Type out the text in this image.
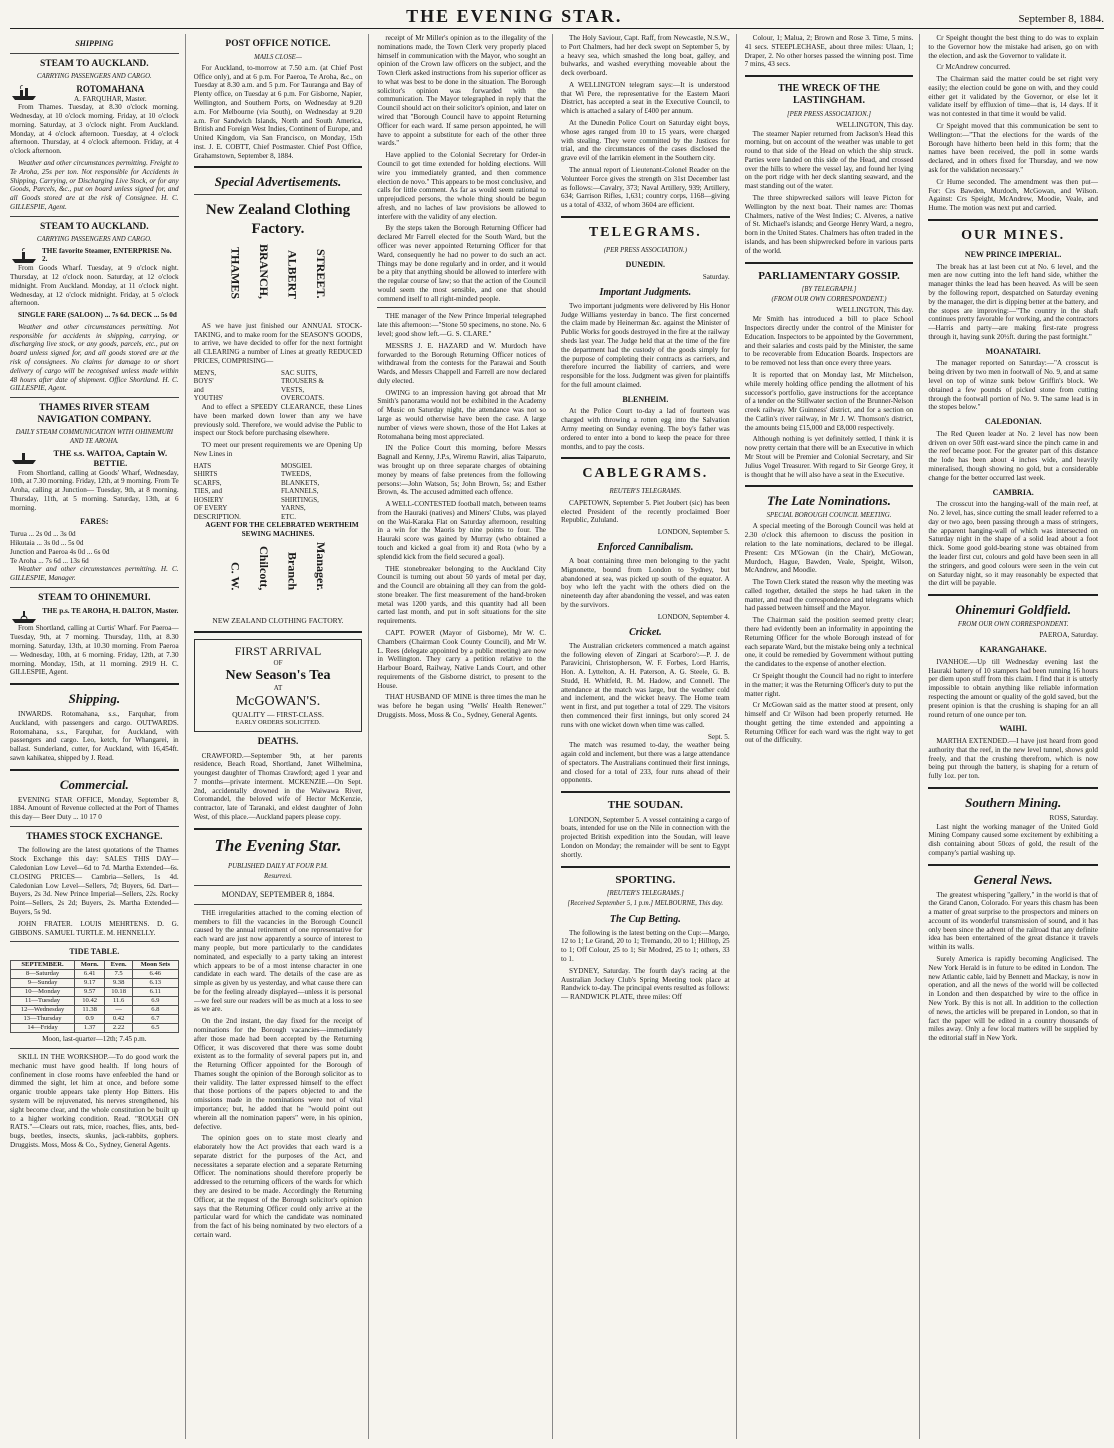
THE EVENING STAR.	September 8, 1884.
SHIPPING
STEAM TO AUCKLAND.
CARRYING PASSENGERS AND CARGO.
ROTOMAHANA
A. FARQUHAR, Master.

From Thames. Tuesday, at 8.30 o'clock morning. Wednesday, at 10 o'clock morning. Friday, at 10 o'clock morning. Saturday, at 3 o'clock night. From Auckland. Monday, at 4 o'clock afternoon. Tuesday, at 4 o'clock afternoon. Thursday, at 4 o'clock afternoon. Friday, at 4 o'clock afternoon.

Weather and other circumstances permitting. Freight to Te Aroha, 25s per ton. Not responsible for Accidents in Shipping, Carrying, or Discharging Live Stock, or for any Goods, Parcels, &c., put on board unless signed for, and all Goods stored are at the risk of Consignee. H. C. GILLESPIE, Agent.

STEAM TO AUCKLAND.
CARRYING PASSENGERS AND CARGO.
THE favorite Steamer, ENTERPRISE No. 2.

From Goods Wharf. Tuesday, at 9 o'clock night. Thursday, at 12 o'clock noon. Saturday, at 12 o'clock midnight. From Auckland. Monday, at 11 o'clock night. Wednesday, at 12 o'clock midnight. Friday, at 5 o'clock afternoon.

SINGLE FARE (SALOON) ... 7s 6d. DECK ... 5s 0d

Weather and other circumstances permitting. Not responsible for accidents in shipping, carrying, or discharging live stock, or any goods, parcels, etc., put on board unless signed for, and all goods stored are at the risk of consignees. No claims for damage to or short delivery of cargo will be recognised unless made within 48 hours after date of shipment. Office Shortland. H. C. GILLESPIE, Agent.

THAMES RIVER STEAM NAVIGATION COMPANY.
DAILY STEAM COMMUNICATION WITH OHINEMURI AND TE AROHA.
THE s.s. WAITOA, Captain W. BETTIE.

From Shortland, calling at Goods' Wharf, Wednesday, 10th, at 7.30 morning. Friday, 12th, at 9 morning. From Te Aroha, calling at Junction— Tuesday, 9th, at 8 morning. Thursday, 11th, at 5 morning. Saturday, 13th, at 6 morning.

FARES:
Turua ... 2s 0d ... 3s 0d
Hikutaia ... 3s 0d ... 5s 0d
Junction and Paeroa 4s 0d ... 6s 0d
Te Aroha ... 7s 6d ... 13s 6d

Weather and other circumstances permitting. H. C. GILLESPIE, Manager.

STEAM TO OHINEMURI.
THE p.s. TE AROHA, H. DALTON, Master.

From Shortland, calling at Curtis' Wharf. For Paeroa— Tuesday, 9th, at 7 morning. Thursday, 11th, at 8.30 morning. Saturday, 13th, at 10.30 morning. From Paeroa— Wednesday, 10th, at 6 morning. Friday, 12th, at 7.30 morning. Monday, 15th, at 11 morning. 2919 H. C. GILLESPIE, Agent.

Shipping.

INWARDS. Rotomahana, s.s., Farquhar, from Auckland, with passengers and cargo. OUTWARDS. Rotomahana, s.s., Farquhar, for Auckland, with passengers and cargo. Leo, ketch, for Whangarei, in ballast. Sunderland, cutter, for Auckland, with 16,454ft. sawn kahikatea, shipped by J. Read.

Commercial.

EVENING STAR OFFICE, Monday, September 8, 1884. Amount of Revenue collected at the Port of Thames this day— Beer Duty ... 10 17 0

THAMES STOCK EXCHANGE.

The following are the latest quotations of the Thames Stock Exchange this day: SALES THIS DAY— Caledonian Low Level—6d to 7d. Martha Extended—6s. CLOSING PRICES— Cambria—Sellers, 1s 4d. Caledonian Low Level—Sellers, 7d; Buyers, 6d. Dart—Buyers, 2s 3d. New Prince Imperial—Sellers, 22s. Rocky Point—Sellers, 2s 2d; Buyers, 2s. Martha Extended—Buyers, 5s 9d.

JOHN FRATER. LOUIS MEHRTENS. D. G. GIBBONS. SAMUEL TURTLE. M. HENNELLY.

TIDE TABLE.
SEPTEMBER.	Morn.	Even.	Moon Sets
8—Saturday	6.41	7.5	6.46
9—Sunday	9.17	9.38	6.13
10—Monday	9.57	10.18	6.11
11—Tuesday	10.42	11.6	6.9
12—Wednesday	11.38	—	6.8
13—Thursday	0.9	0.42	6.7
14—Friday	1.37	2.22	6.5
Moon, last-quarter—12th; 7.45 p.m.

SKILL IN THE WORKSHOP.—To do good work the mechanic must have good health. If long hours of confinement in close rooms have enfeebled the hand or dimmed the sight, let him at once, and before some organic trouble appears take plenty Hop Bitters. His system will be rejuvenated, his nerves strengthened, his sight become clear, and the whole constitution be built up to a higher working condition. Read. "ROUGH ON RATS."—Clears out rats, mice, roaches, flies, ants, bed-bugs, beetles, insects, skunks, jack-rabbits, gophers. Druggists. Moss, Moss & Co., Sydney, General Agents.

POST OFFICE NOTICE.
MAILS CLOSE—

For Auckland, to-morrow at 7.50 a.m. (at Chief Post Office only), and at 6 p.m. For Paeroa, Te Aroha, &c., on Tuesday at 8.30 a.m. and 5 p.m. For Tauranga and Bay of Plenty office, on Tuesday at 6 p.m. For Gisborne, Napier, Wellington, and Southern Ports, on Wednesday at 9.20 a.m. For Melbourne (via South), on Wednesday at 9.20 a.m. For Sandwich Islands, North and South America, British and Foreign West Indies, Continent of Europe, and United Kingdom, via San Francisco, on Monday, 15th inst. J. E. COBTT, Chief Postmaster. Chief Post Office, Grahamstown, September 8, 1884.

Special Advertisements.
New Zealand Clothing Factory.
THAMES BRANCH, ALBERT STREET.

AS we have just finished our ANNUAL STOCK-TAKING, and to make room for the SEASON'S GOODS, to arrive, we have decided to offer for the next fortnight all CLEARING a number of Lines at greatly REDUCED PRICES, COMPRISING—

MEN'S,
BOYS'
and
YOUTHS'
SAC SUITS,
TROUSERS &
VESTS,
OVERCOATS.

And to effect a SPEEDY CLEARANCE, these Lines have been marked down lower than any we have previously sold. Therefore, we would advise the Public to inspect our Stock before purchasing elsewhere.

TO meet our present requirements we are Opening Up New Lines in

HATS
SHIRTS
SCARFS,
TIES, and
HOSIERY
OF EVERY
DESCRIPTION.
MOSGIEL
TWEEDS,
BLANKETS,
FLANNELS,
SHIRTINGS,
YARNS,
ETC.

AGENT FOR THE CELEBRATED WERTHEIM SEWING MACHINES.

C. W. Chilcott, Branch Manager.
NEW ZEALAND CLOTHING FACTORY.
FIRST ARRIVAL
OF
New Season's Tea
AT
McGOWAN'S.
QUALITY — FIRST-CLASS.
EARLY ORDERS SOLICITED.
DEATHS.

CRAWFORD.—September 9th, at her parents residence, Beach Road, Shortland, Janet Wilhelmina, youngest daughter of Thomas Crawford; aged 1 year and 7 months—private interment. MCKENZIE.—On Sept. 2nd, accidentally drowned in the Waiwawa River, Coromandel, the beloved wife of Hector McKenzie, contractor, late of Taranaki, and eldest daughter of John West, of this place.—Auckland papers please copy.

The Evening Star.
PUBLISHED DAILY AT FOUR P.M.
Resurrexi.
MONDAY, SEPTEMBER 8, 1884.

THE irregularities attached to the coming election of members to fill the vacancies in the Borough Council caused by the annual retirement of one representative for each ward are just now apparently a source of interest to many people, but more particularly to the candidates nominated, and especially to a party taking an interest which appears to be of a most intense character in one candidate in each ward. The details of the case are as simple as given by us yesterday, and what cause there can be for the feeling already displayed—unless it is personal—we feel sure our readers will be as much at a loss to see as we are.

On the 2nd instant, the day fixed for the receipt of nominations for the Borough vacancies—immediately after those made had been accepted by the Returning Officer, it was discovered that there was some doubt existent as to the formality of several papers put in, and the Returning Officer appointed for the Borough of Thames sought the opinion of the Borough solicitor as to their validity. The latter expressed himself to the effect that those portions of the papers objected to and the omissions made in the nominations were not of vital importance; but, he added that he "would point out wherein all the nomination papers" were, in his opinion, defective.

The opinion goes on to state most clearly and elaborately how the Act provides that each ward is a separate district for the purposes of the Act, and necessitates a separate election and a separate Returning Officer. The nominations should therefore properly be addressed to the returning officers of the wards for which they are desired to be made. Accordingly the Returning Officer, at the request of the Borough solicitor's opinion says that the Returning Officer could only arrive at the particular ward for which the candidate was nominated from the fact of his being nominated by two electors of a certain ward.

receipt of Mr Miller's opinion as to the illegality of the nominations made, the Town Clerk very properly placed himself in communication with the Mayor, who sought an opinion of the Crown law officers on the subject, and the Town Clerk asked instructions from his superior officer as to what was best to be done in the situation. The Borough solicitor's opinion was forwarded with the communication. The Mayor telegraphed in reply that the Council should act on their solicitor's opinion, and later on wired that "Borough Council have to appoint Returning Officer for each ward. If same person appointed, he will have to appoint a substitute for each of the other three wards."

Have applied to the Colonial Secretary for Order-in Council to get time extended for holding elections. Will wire you immediately granted, and then commence election de novo." This appears to be most conclusive, and calls for little comment. As far as would seem rational to unprejudiced persons, the whole thing should be begun afresh, and no laches of law provisions be allowed to interfere with the validity of any election.

By the steps taken the Borough Returning Officer had declared Mr Farrell elected for the South Ward, but the officer was never appointed Returning Officer for that Ward, consequently he had no power to do such an act. Things may be done regularly and in order, and it would be a pity that anything should be allowed to interfere with the regular course of law; so that the action of the Council would seem the most sensible, and one that should commend itself to all right-minded people.

THE manager of the New Prince Imperial telegraphed late this afternoon:—"Stone 50 specimens, no stone. No. 6 level; good show left.—G. S. CLARE."

MESSRS J. E. HAZARD and W. Murdoch have forwarded to the Borough Returning Officer notices of withdrawal from the contests for the Parawai and South Wards, and Messrs Chappell and Farrell are now declared duly elected.

OWING to an impression having got abroad that Mr Smith's panorama would not be exhibited in the Academy of Music on Saturday night, the attendance was not so large as would otherwise have been the case. A large number of views were shown, those of the Hot Lakes at Rotomahana being most appreciated.

IN the Police Court this morning, before Messrs Bagnall and Kenny, J.P.s, Wiremu Rawiri, alias Taiparuto, was brought up on three separate charges of obtaining money by means of false pretences from the following persons:—John Watson, 5s; John Brown, 5s; and Esther Brown, 4s. The accused admitted each offence.

A WELL-CONTESTED football match, between teams from the Hauraki (natives) and Miners' Clubs, was played on the Wai-Karaka Flat on Saturday afternoon, resulting in a win for the Maoris by nine points to four. The Hauraki score was gained by Murray (who obtained a touch and kicked a goal from it) and Rota (who by a splendid kick from the field secured a goal).

THE stonebreaker belonging to the Auckland City Council is turning out about 50 yards of metal per day, and the Council are obtaining all they can from the gold-stone breaker. The first measurement of the hand-broken metal was 1200 yards, and this quantity had all been carted last month, and put in soft situations for the site requirements.

CAPT. POWER (Mayor of Gisborne), Mr W. C. Chambers (Chairman Cook County Council), and Mr W. L. Rees (delegate appointed by a public meeting) are now in Wellington. They carry a petition relative to the Harbour Board, Railway, Native Lands Court, and other requirements of the Gisborne district, to present to the House.

THAT HUSBAND OF MINE is three times the man he was before he began using "Wells' Health Renewer." Druggists. Moss, Moss & Co., Sydney, General Agents.

The Holy Saviour, Capt. Raff, from Newcastle, N.S.W., to Port Chalmers, had her deck swept on September 5, by a heavy sea, which smashed the long boat, galley, and bulwarks, and washed everything moveable about the deck overboard.

A WELLINGTON telegram says:—It is understood that Wi Pere, the representative for the Eastern Maori District, has accepted a seat in the Executive Council, to which is attached a salary of £400 per annum.

At the Dunedin Police Court on Saturday eight boys, whose ages ranged from 10 to 15 years, were charged with stealing. They were committed by the Justices for trial, and the circumstances of the cases disclosed the grave evil of the larrikin element in the Southern city.

The annual report of Lieutenant-Colonel Reader on the Volunteer Force gives the strength on 31st December last as follows:—Cavalry, 373; Naval Artillery, 939; Artillery, 634; Garrison Rifles, 1,631; country corps, 1168—giving us a total of 4332, of whom 3604 are efficient.

TELEGRAMS.
(PER PRESS ASSOCIATION.)
DUNEDIN.
Saturday.
Important Judgments.

Two important judgments were delivered by His Honor Judge Williams yesterday in banco. The first concerned the claim made by Heinerman &c. against the Minister of Public Works for goods destroyed in the fire at the railway sheds last year. The Judge held that at the time of the fire the department had the custody of the goods simply for the purpose of completing their contracts as carriers, and therefore incurred the liability of carriers, and were responsible for the loss. Judgment was given for plaintiffs for the full amount claimed.

BLENHEIM.

At the Police Court to-day a lad of fourteen was charged with throwing a rotten egg into the Salvation Army meeting on Sunday evening. The boy's father was ordered to enter into a bond to keep the peace for three months, and to pay the costs.

CABLEGRAMS.
REUTER'S TELEGRAMS.

CAPETOWN, September 5. Piet Joubert (sic) has been elected President of the recently proclaimed Boer Republic, Zululand.

LONDON, September 5.
Enforced Cannibalism.

A boat containing three men belonging to the yacht Mignonette, bound from London to Sydney, but abandoned at sea, was picked up south of the equator. A boy who left the yacht with the others died on the nineteenth day after abandoning the vessel, and was eaten by the survivors.

LONDON, September 4.
Cricket.

The Australian cricketers commenced a match against the following eleven of Zingari at Scarboro':—P. J. de Paravicini, Christopherson, W. F. Forbes, Lord Harris, Hon. A. Lyttelton, A. H. Paterson, A. G. Steele, G. B. Studd, H. Whitfeld, R. M. Hadow, and Connell. The attendance at the match was large, but the weather cold and inclement, and the wicket heavy. The Home team went in first, and put together a total of 229. The visitors then commenced their first innings, but only scored 24 runs with one wicket down when time was called.

Sept. 5.

The match was resumed to-day, the weather being again cold and inclement, but there was a large attendance of spectators. The Australians continued their first innings, and closed for a total of 233, four runs ahead of their opponents.

THE SOUDAN.

LONDON, September 5. A vessel containing a cargo of boats, intended for use on the Nile in connection with the projected British expedition into the Soudan, will leave London on Monday; the remainder will be sent to Egypt shortly.

SPORTING.
[REUTER'S TELEGRAMS.]
[Received September 5, 1 p.m.] MELBOURNE, This day.
The Cup Betting.

The following is the latest betting on the Cup:—Margo, 12 to 1; Le Grand, 20 to 1; Tremando, 20 to 1; Hilltop, 25 to 1; Off Colour, 25 to 1; Sir Modred, 25 to 1; others, 33 to 1.

SYDNEY, Saturday. The fourth day's racing at the Australian Jockey Club's Spring Meeting took place at Randwick to-day. The principal events resulted as follows:— RANDWICK PLATE, three miles: Off

Colour, 1; Malua, 2; Brown and Rose 3. Time, 5 mins. 41 secs. STEEPLECHASE, about three miles: Ulaan, 1; Draper, 2. No other horses passed the winning post. Time 7 mins, 43 secs.

THE WRECK OF THE LASTINGHAM.
[PER PRESS ASSOCIATION.]
WELLINGTON, This day.

The steamer Napier returned from Jackson's Head this morning, but on account of the weather was unable to get round to that side of the Head on which the ship struck. Parties were landed on this side of the Head, and crossed over the hills to where the vessel lay, and found her lying on the port ridge with her deck slanting seaward, and the mast standing out of the water.

The three shipwrecked sailors will leave Picton for Wellington by the next boat. Their names are: Thomas Chalmers, native of the West Indies; C. Alveres, a native of St. Michael's islands; and George Henry Ward, a negro, born in the United States. Chalmers has often traded in the islands, and has been shipwrecked before in various parts of the world.

PARLIAMENTARY GOSSIP.
[BY TELEGRAPH.]
(FROM OUR OWN CORRESPONDENT.)
WELLINGTON, This day.

Mr Smith has introduced a bill to place School Inspectors directly under the control of the Minister for Education. Inspectors to be appointed by the Government, and their salaries and costs paid by the Minister, the same to be recoverable from Education Boards. Inspectors are to be removed not less than once every three years.

It is reported that on Monday last, Mr Mitchelson, while merely holding office pending the allotment of his successor's portfolio, gave instructions for the acceptance of a tender on the Stillwater section of the Brunner-Nelson creek railway. Mr Guinness' district, and for a section on the Catlin's river railway, in Mr J. W. Thomson's district, the amounts being £15,000 and £8,000 respectively.

Although nothing is yet definitely settled, I think it is now pretty certain that there will be an Executive in which Mr Stout will be Premier and Colonial Secretary, and Sir Julius Vogel Treasurer. With regard to Sir George Grey, it is thought that he will also have a seat in the Executive.

The Late Nominations.
SPECIAL BOROUGH COUNCIL MEETING.

A special meeting of the Borough Council was held at 2.30 o'clock this afternoon to discuss the position in relation to the late nominations, declared to be illegal. Present: Crs M'Gowan (in the Chair), McGowan, Murdoch, Hague, Bawden, Veale, Speight, Wilson, McAndrew, and Moodie.

The Town Clerk stated the reason why the meeting was called together, detailed the steps he had taken in the matter, and read the correspondence and telegrams which had passed between himself and the Mayor.

The Chairman said the position seemed pretty clear; there had evidently been an informality in appointing the Returning Officer for the whole Borough instead of for each separate Ward, but the mistake being only a technical one, it could be remedied by Government without putting the candidates to the expense of another election.

Cr Speight thought the Council had no right to interfere in the matter; it was the Returning Officer's duty to put the matter right.

Cr McGowan said as the matter stood at present, only himself and Cr Wilson had been properly returned. He thought getting the time extended and appointing a Returning Officer for each ward was the right way to get out of the difficulty.

Cr Speight thought the best thing to do was to explain to the Governor how the mistake had arisen, go on with the election, and ask the Governor to validate it.

Cr McAndrew concurred.

The Chairman said the matter could be set right very easily; the election could be gone on with, and they could either get it validated by the Governor, or else let it validate itself by effluxion of time—that is, 14 days. If it was not contested in that time it would be valid.

Cr Speight moved that this communication be sent to Wellington:—"That the elections for the wards of the Borough have hitherto been held in this form; that the names have been received, the poll in some wards declared, and in others fixed for Thursday, and we now ask for the validation necessary."

Cr Hume seconded. The amendment was then put—For: Crs Bawden, Murdoch, McGowan, and Wilson. Against: Crs Speight, McAndrew, Moodie, Veale, and Hume. The motion was next put and carried.

OUR MINES.
NEW PRINCE IMPERIAL.

The break has at last been cut at No. 6 level, and the men are now cutting into the left hand side, whither the manager thinks the lead has been heaved. As will be seen by the following report, despatched on Saturday evening by the manager, the dirt is dipping better at the battery, and the stopes are improving:—"The country in the shaft continues pretty favorable for working, and the contractors—Harris and party—are making first-rate progress through it, having sunk 20½ft. during the past fortnight."

MOANATAIRI.

The manager reported on Saturday:—"A crosscut is being driven by two men in footwall of No. 9, and at same level on top of winze sunk below Griffin's block. We obtained a few pounds of picked stone from cutting through the footwall portion of No. 9. The same lead is in the stopes below."

CALEDONIAN.

The Red Queen leader at No. 2 level has now been driven on over 50ft east-ward since the pinch came in and the reef became poor. For the greater part of this distance the lode has been about 4 inches wide, and heavily mineralised, though showing no gold, but a considerable change for the better occurred last week.

CAMBRIA.

The crosscut into the hanging-wall of the main reef, at No. 2 level, has, since cutting the small leader referred to a day or two ago, been passing through a mass of stringers, the apparent hanging-wall of which was intersected on Saturday night in the shape of a solid lead about a foot thick. Some good gold-bearing stone was obtained from the leader first cut, colours and gold have been seen in all the stringers, and good colours were seen in the vein cut on Saturday night, so it may reasonably be expected that the dirt will be payable.

Ohinemuri Goldfield.
FROM OUR OWN CORRESPONDENT.
PAEROA, Saturday.
KARANGAHAKE.

IVANHOE.—Up till Wednesday evening last the Hauraki battery of 10 stampers had been running 16 hours per diem upon stuff from this claim. I find that it is utterly impossible to obtain anything like reliable information respecting the amount or quality of the gold saved, but the present opinion is that the crushing is shaping for an all round return of one ounce per ton.

WAIHI.

MARTHA EXTENDED.—I have just heard from good authority that the reef, in the new level tunnel, shows gold freely, and that the crushing therefrom, which is now being put through the battery, is shaping for a return of fully 1oz. per ton.

Southern Mining.
ROSS, Saturday.

Last night the working manager of the United Gold Mining Company caused some excitement by exhibiting a dish containing about 50ozs of gold, the result of the company's partial washing up.

General News.

The greatest whispering "gallery," in the world is that of the Grand Canon, Colorado. For years this chasm has been a matter of great surprise to the prospectors and miners on account of its wonderful transmission of sound, and it has only been since the advent of the railroad that any definite idea has been entertained of the great distance it travels within its walls.

Surely America is rapidly becoming Anglicised. The New York Herald is in future to be edited in London. The new Atlantic cable, laid by Bennett and Mackay, is now in operation, and all the news of the world will be collected in London and then despatched by wire to the office in New York. By this is not all. In addition to the collection of news, the articles will be prepared in London, so that in fact the paper will be edited in a country thousands of miles away. Only a few local matters will be supplied by the editorial staff in New York.
